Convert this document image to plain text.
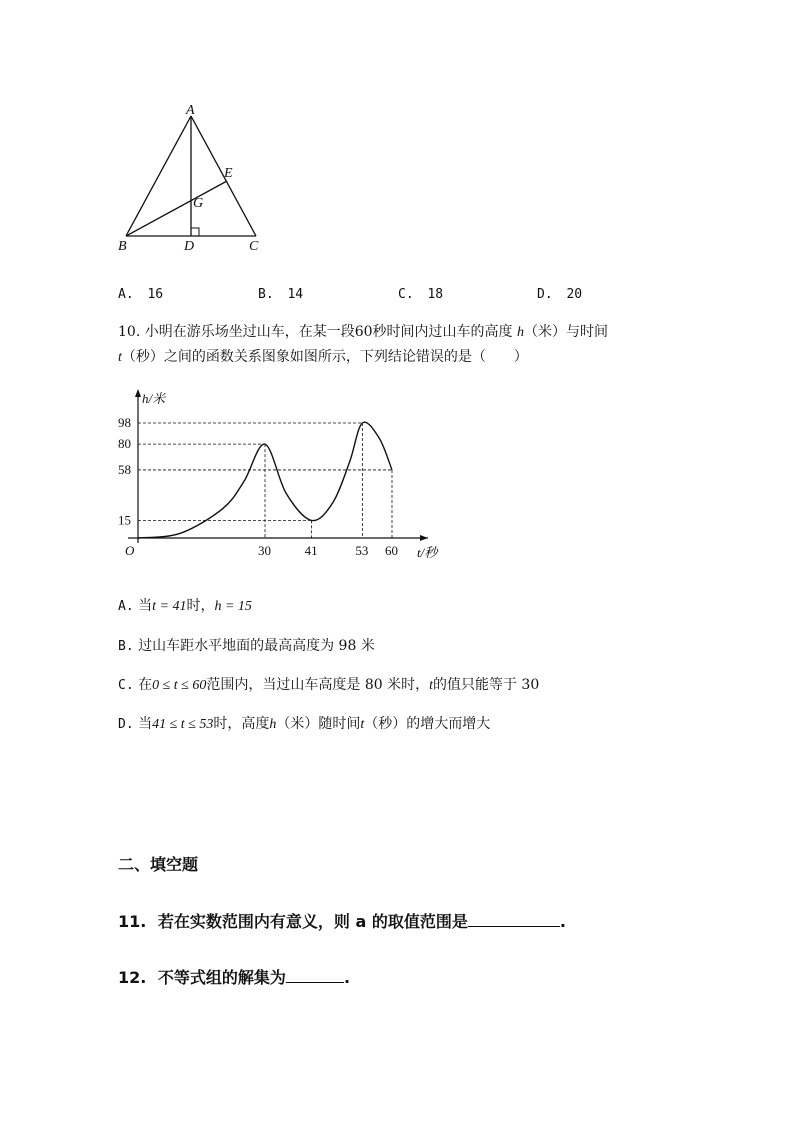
A
B	C
D
E
G
A. 16	B. 14	C. 18	D. 20
10. 小明在游乐场坐过山车，在某一段60秒时间内过山车的高度 h（米）与时间
t（秒）之间的函数关系图象如图所示，下列结论错误的是（　　）
h/米
t/秒
O
15
58
80
98
30	41	53 60
A. 当t = 41时，h = 15
B. 过山车距水平地面的最高高度为 98 米
C. 在0 ≤ t ≤ 60范围内，当过山车高度是 80 米时，t的值只能等于 30
D. 当41 ≤ t ≤ 53时，高度h（米）随时间t（秒）的增大而增大
二、填空题
11. 若在实数范围内有意义，则 a 的取值范围是	.
12. 不等式组的解集为	.
